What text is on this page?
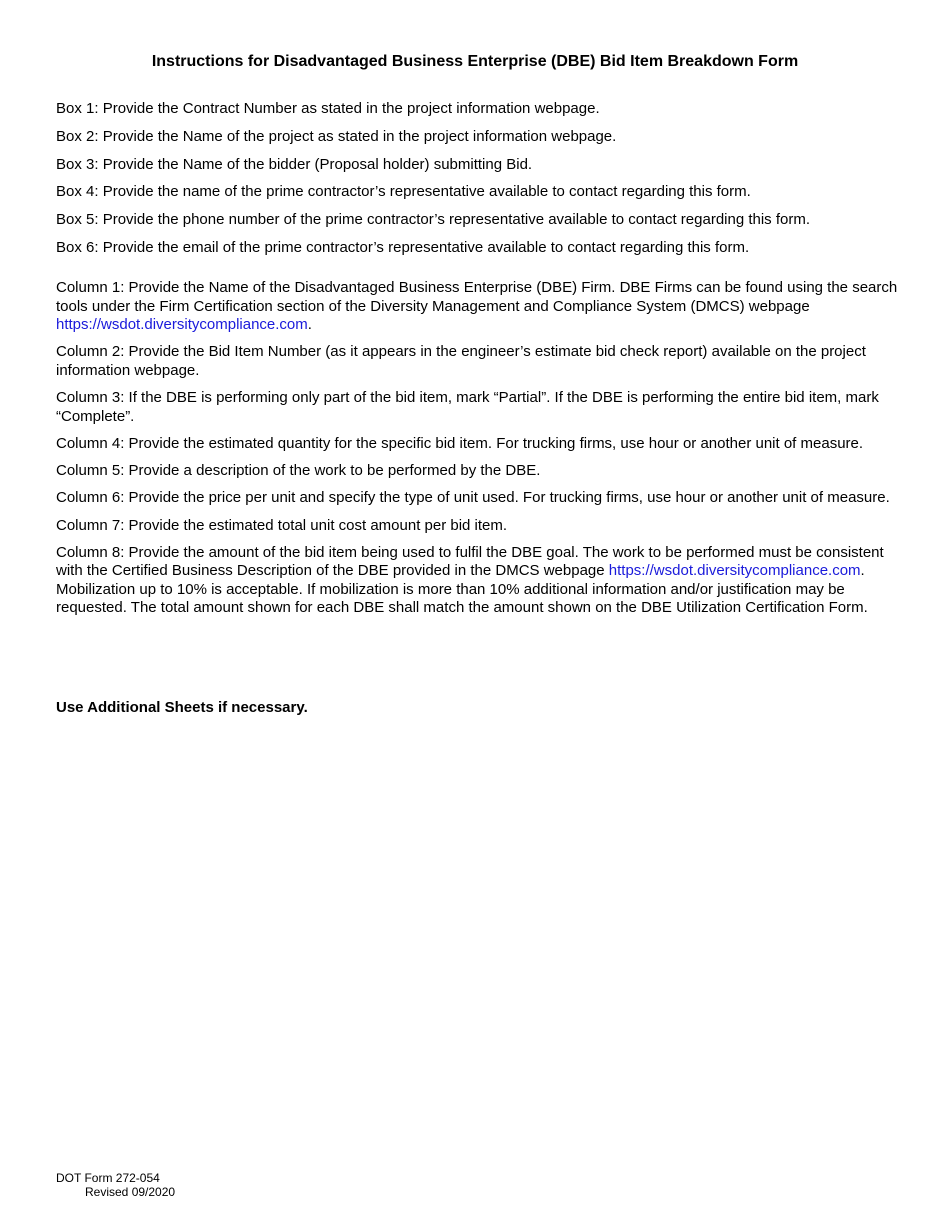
Instructions for Disadvantaged Business Enterprise (DBE) Bid Item Breakdown Form

Box 1: Provide the Contract Number as stated in the project information webpage.

Box 2: Provide the Name of the project as stated in the project information webpage.

Box 3: Provide the Name of the bidder (Proposal holder) submitting Bid.

Box 4: Provide the name of the prime contractor’s representative available to contact regarding this form.

Box 5: Provide the phone number of the prime contractor’s representative available to contact regarding this form.

Box 6: Provide the email of the prime contractor’s representative available to contact regarding this form.

Column 1: Provide the Name of the Disadvantaged Business Enterprise (DBE) Firm. DBE Firms can be found using the search tools under the Firm Certification section of the Diversity Management and Compliance System (DMCS) webpage https://wsdot.diversitycompliance.com.

Column 2: Provide the Bid Item Number (as it appears in the engineer’s estimate bid check report) available on the project information webpage.

Column 3: If the DBE is performing only part of the bid item, mark “Partial”. If the DBE is performing the entire bid item, mark “Complete”.

Column 4: Provide the estimated quantity for the specific bid item. For trucking firms, use hour or another unit of measure.

Column 5: Provide a description of the work to be performed by the DBE.

Column 6: Provide the price per unit and specify the type of unit used. For trucking firms, use hour or another unit of measure.

Column 7: Provide the estimated total unit cost amount per bid item.

Column 8: Provide the amount of the bid item being used to fulfil the DBE goal. The work to be performed must be consistent with the Certified Business Description of the DBE provided in the DMCS webpage https://wsdot.diversitycompliance.com. Mobilization up to 10% is acceptable. If mobilization is more than 10% additional information and/or justification may be requested. The total amount shown for each DBE shall match the amount shown on the DBE Utilization Certification Form.

Use Additional Sheets if necessary.

DOT Form 272-054
Revised 09/2020
